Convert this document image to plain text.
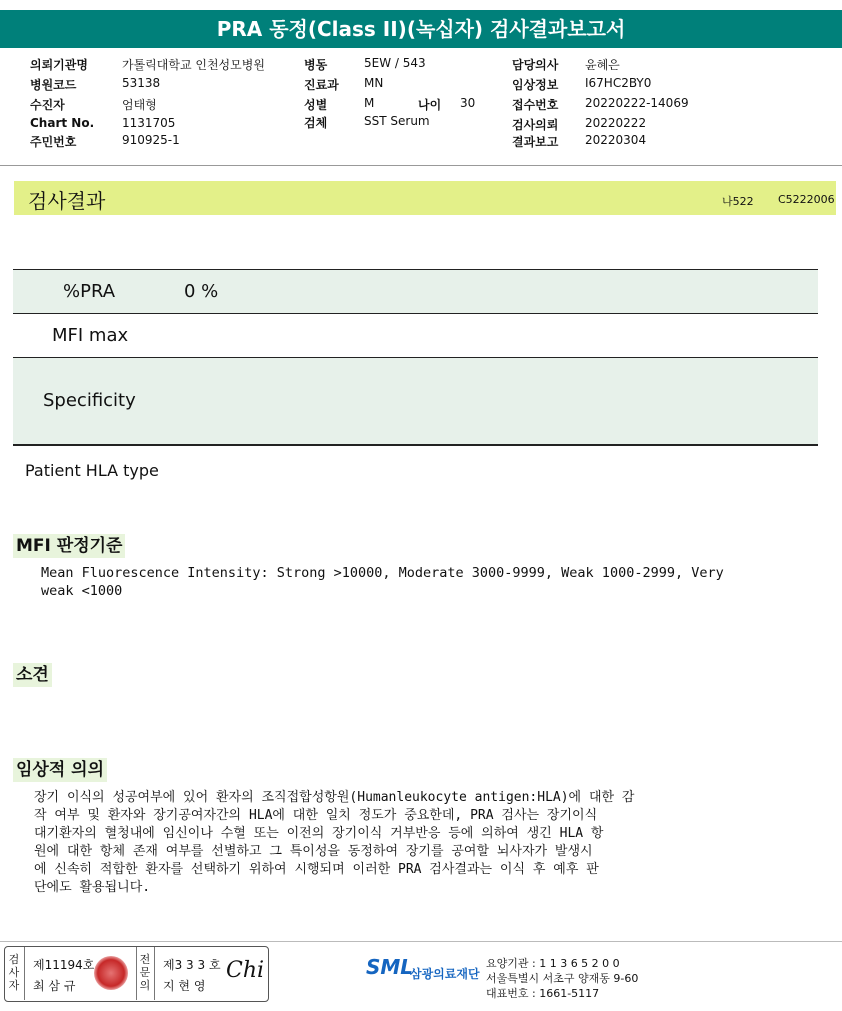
PRA 동정(Class II)(녹십자) 검사결과보고서
의뢰기관명	가톨릭대학교 인천성모병원
병원코드	53138
수진자	엄태형
Chart No. 1131705
주민번호	910925-1
병동	5EW / 543
진료과 MN
성별	M	나이 30
검체	SST Serum
담당의사 윤혜은
임상정보 I67HC2BY0
접수번호 20220222-14069
검사의뢰 20220222
결과보고 20220304
검사결과	나522 C5222006
%PRA	0 %
MFI max
Specificity
Patient HLA type
MFI 판정기준
Mean Fluorescence Intensity: Strong >10000, Moderate 3000-9999, Weak 1000-2999, Very
weak <1000
소견
임상적 의의
장기 이식의 성공여부에 있어 환자의 조직접합성항원(Humanleukocyte antigen:HLA)에 대한 감
작 여부 및 환자와 장기공여자간의 HLA에 대한 일치 정도가 중요한데, PRA 검사는 장기이식
대기환자의 혈청내에 임신이나 수혈 또는 이전의 장기이식 거부반응 등에 의하여 생긴 HLA 항
원에 대한 항체 존재 여부를 선별하고 그 특이성을 동정하여 장기를 공여할 뇌사자가 발생시
에 신속히 적합한 환자를 선택하기 위하여 시행되며 이러한 PRA 검사결과는 이식 후 예후 판
단에도 활용됩니다.
검
사
자
제11194호
최 삼 규
전
문
의
제3 3 3 호
지 현 영
Chi	SML
삼광의료재단
요양기관 : 1 1 3 6 5 2 0 0
서울특별시 서초구 양재동 9-60
대표번호 : 1661-5117
